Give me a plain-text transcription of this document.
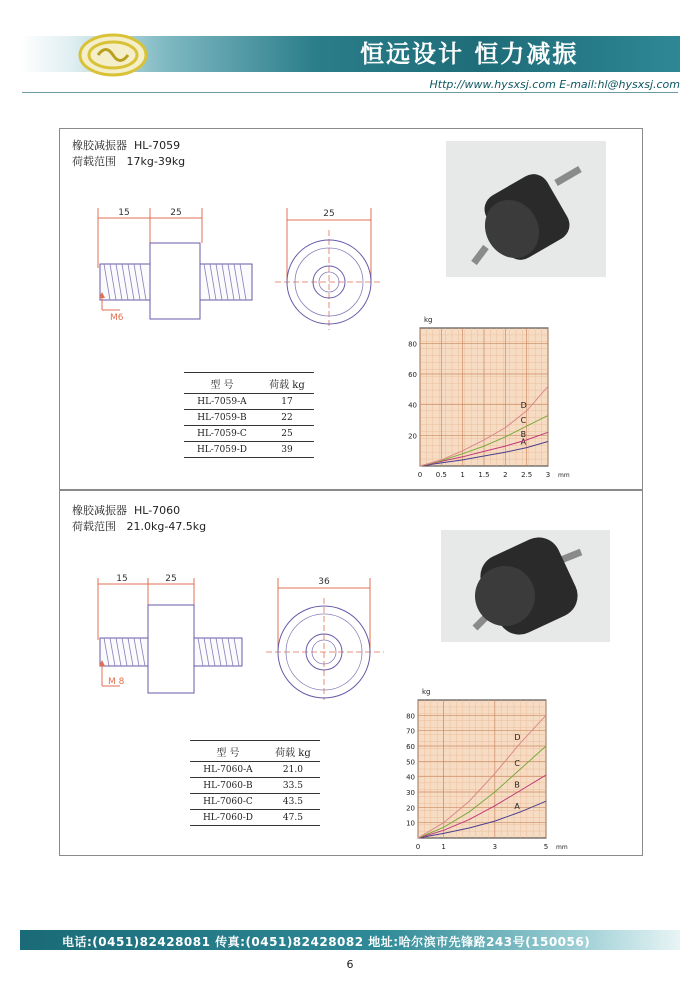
恒远设计 恒力减振
Http://www.hysxsj.com E-mail:hl@hysxsj.com
橡胶减振器 HL-7059
荷载范围 17kg-39kg
15	25
M6
25
型 号	荷载 kg
HL-7059-A	17
HL-7059-B	22
HL-7059-C	25
HL-7059-D	39
20
40
60
80
0 0.5 1 1.5 2 2.5 3
kg
mm
A
B
C
D
橡胶减振器 HL-7060
荷载范围 21.0kg-47.5kg
15	25
M 8
36
型 号	荷载 kg
HL-7060-A	21.0
HL-7060-B	33.5
HL-7060-C	43.5
HL-7060-D	47.5
10
20
30
40
50
60
70
80
0	1	3	5
kg
mm
A
B
C
D
电话:(0451)82428081 传真:(0451)82428082 地址:哈尔滨市先锋路243号(150056)
6
